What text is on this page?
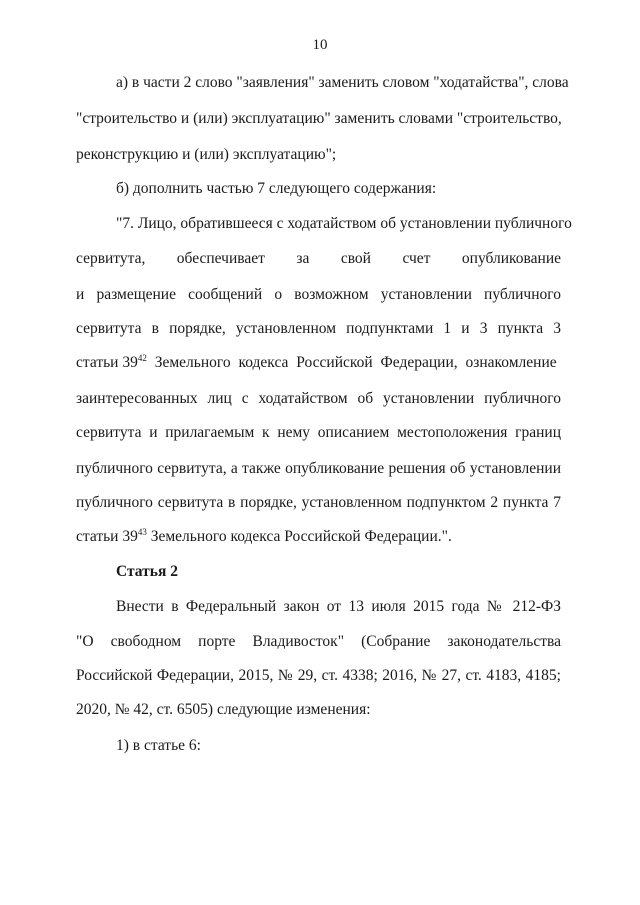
10
а) в части 2 слово "заявления" заменить словом "ходатайства", слова
"строительство и (или) эксплуатацию" заменить словами "строительство,
реконструкцию и (или) эксплуатацию";
б) дополнить частью 7 следующего содержания:
"7. Лицо, обратившееся с ходатайством об установлении публичного
сервитута, обеспечивает за свой счет опубликование
и размещение сообщений о возможном установлении публичного
сервитута в порядке, установленном подпунктами 1 и 3 пункта 3
статьи $39^{42}$ Земельного кодекса Российской Федерации, ознакомление
заинтересованных лиц с ходатайством об установлении публичного
сервитута и прилагаемым к нему описанием местоположения границ
публичного сервитута, а также опубликование решения об установлении
публичного сервитута в порядке, установленном подпунктом 2 пункта 7
статьи $39^{43}$ Земельного кодекса Российской Федерации.".
Статья 2
Внести в Федеральный закон от 13 июля 2015 года № 212-ФЗ
"О свободном порте Владивосток" (Собрание законодательства
Российской Федерации, 2015, № 29, ст. 4338; 2016, № 27, ст. 4183, 4185;
2020, № 42, ст. 6505) следующие изменения:
1) в статье 6:
